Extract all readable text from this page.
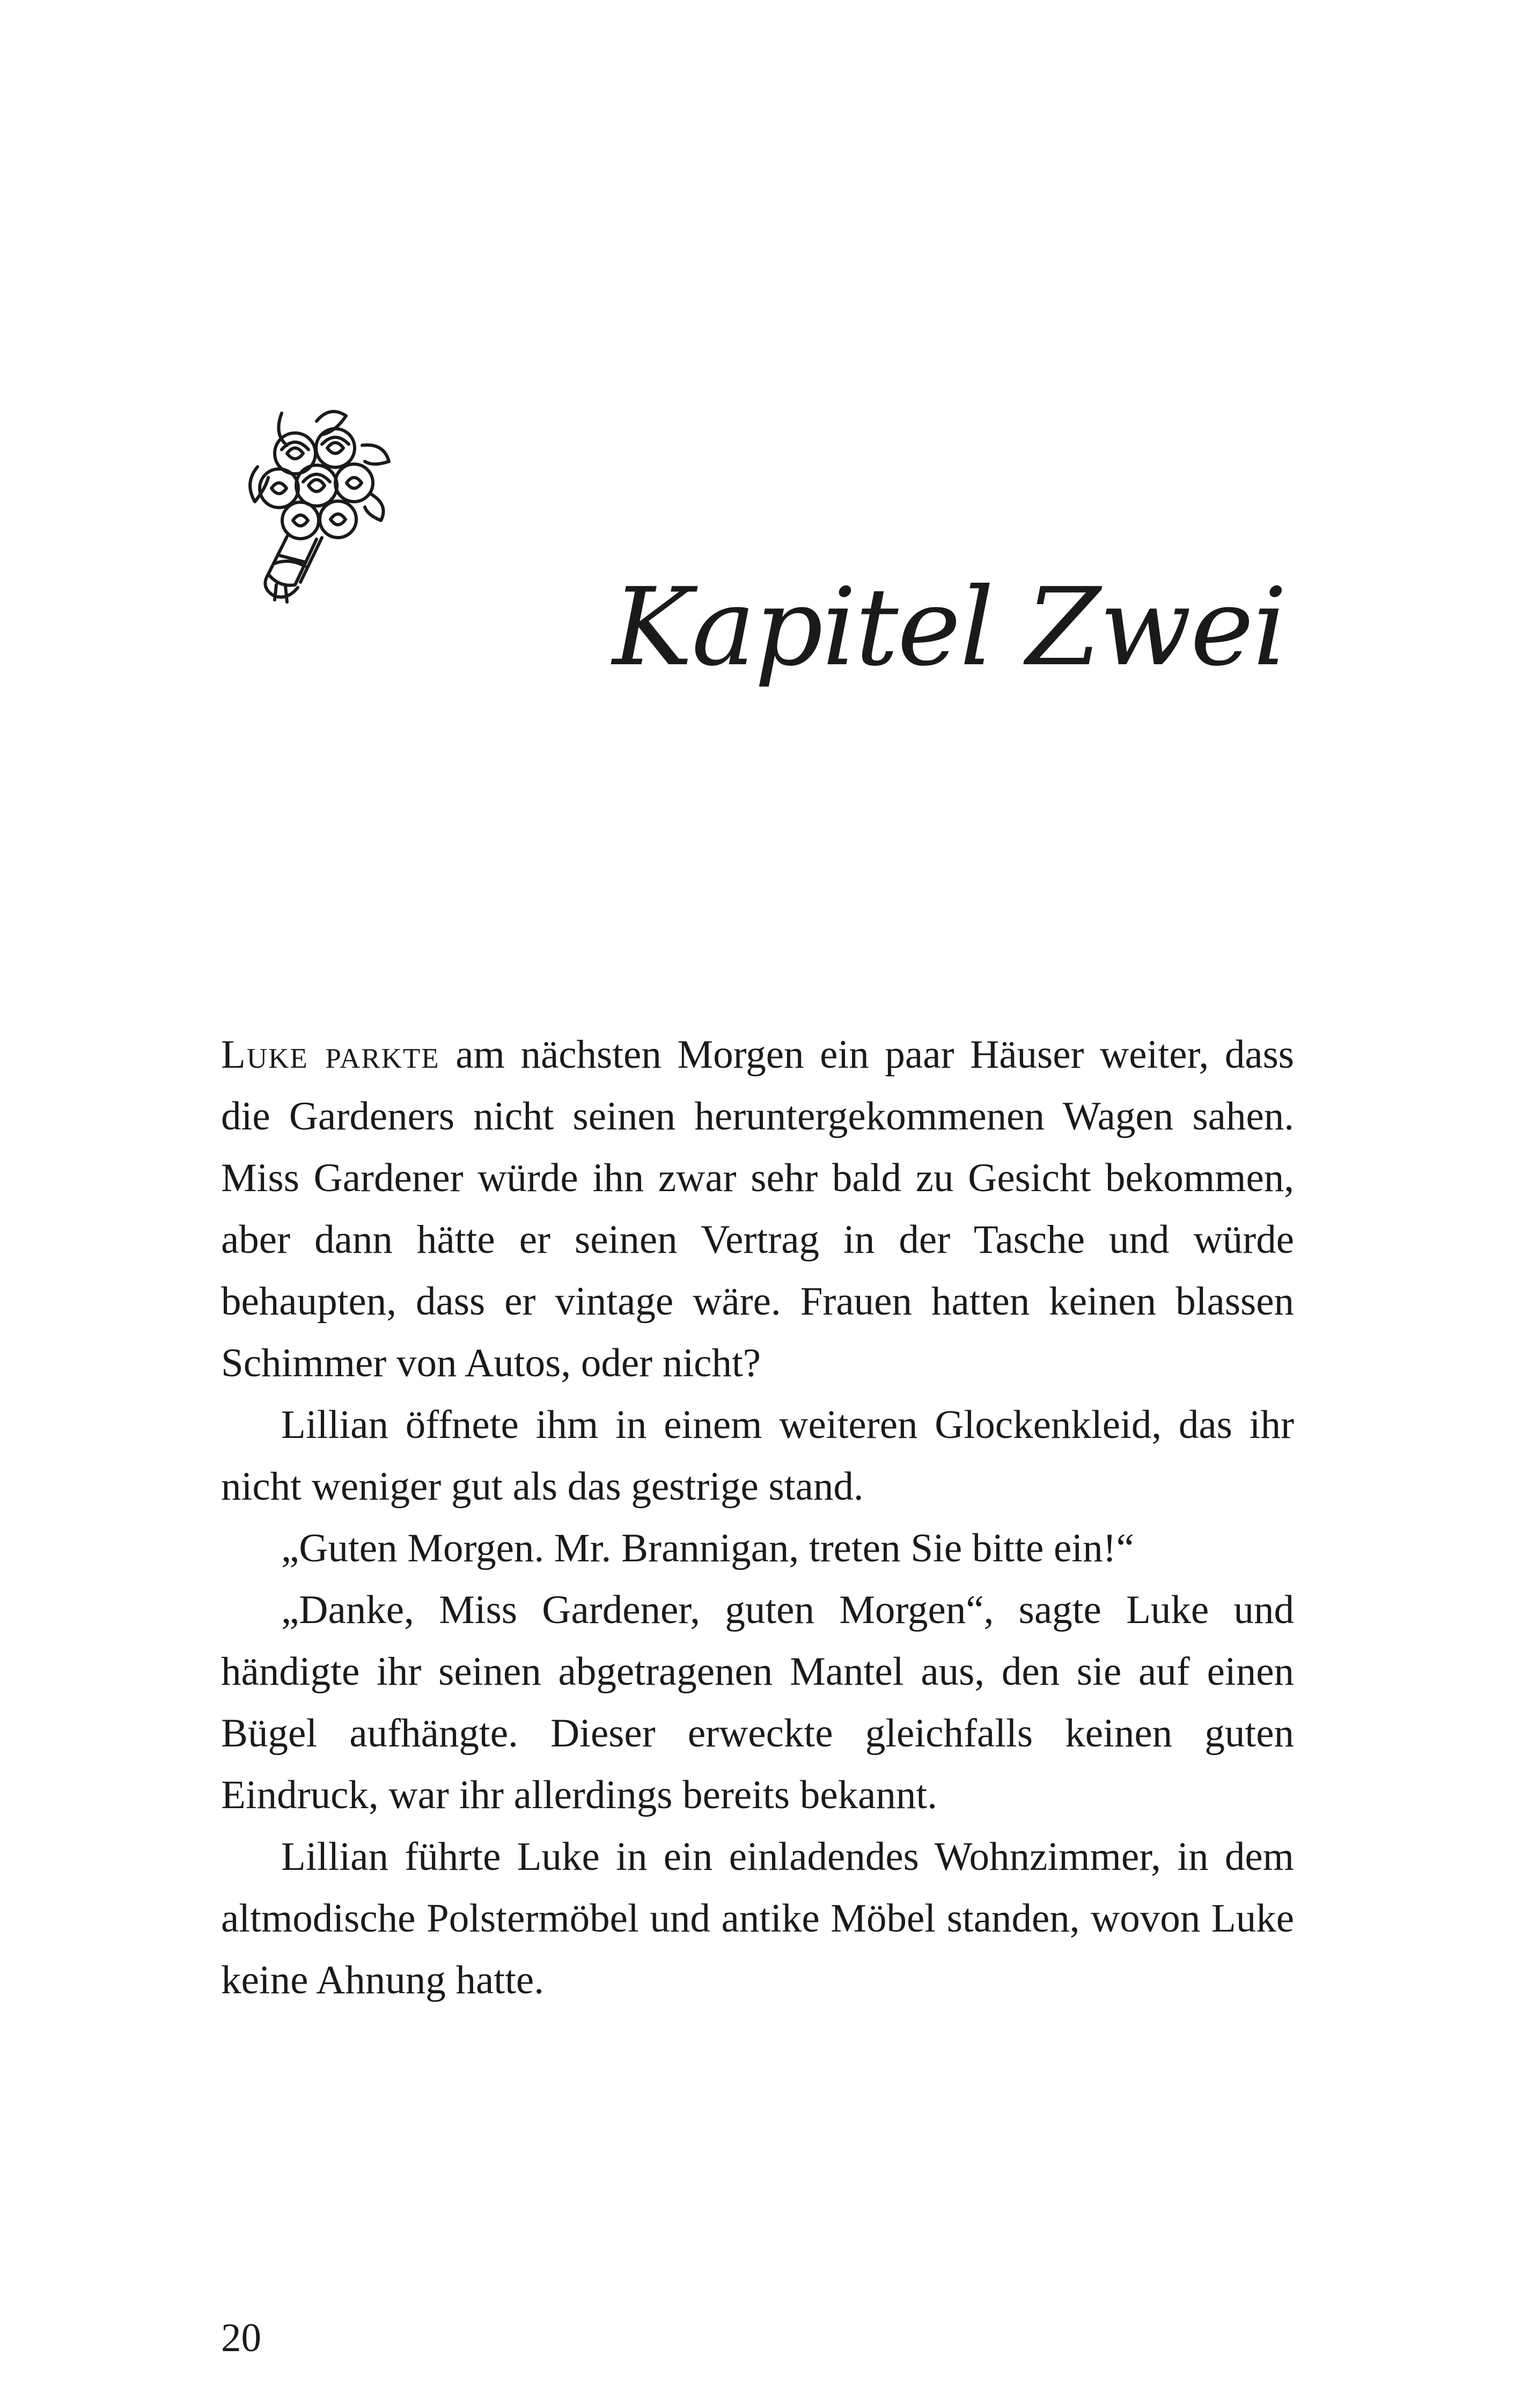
Kapitel Zwei

Luke parkte am nächsten Morgen ein paar Häuser weiter, dass die Gardeners nicht seinen heruntergekommenen Wagen sahen. Miss Gardener würde ihn zwar sehr bald zu Gesicht bekommen, aber dann hätte er seinen Vertrag in der Tasche und würde behaupten, dass er vintage wäre. Frauen hatten keinen blassen Schimmer von Autos, oder nicht?

Lillian öffnete ihm in einem weiteren Glockenkleid, das ihr nicht weniger gut als das gestrige stand.

„Guten Morgen. Mr. Brannigan, treten Sie bitte ein!“

„Danke, Miss Gardener, guten Morgen“, sagte Luke und händigte ihr seinen abgetragenen Mantel aus, den sie auf einen Bügel aufhängte. Dieser erweckte gleichfalls keinen guten Eindruck, war ihr allerdings bereits bekannt.

Lillian führte Luke in ein einladendes Wohnzimmer, in dem altmodische Polstermöbel und antike Möbel standen, wovon Luke keine Ahnung hatte.

20
